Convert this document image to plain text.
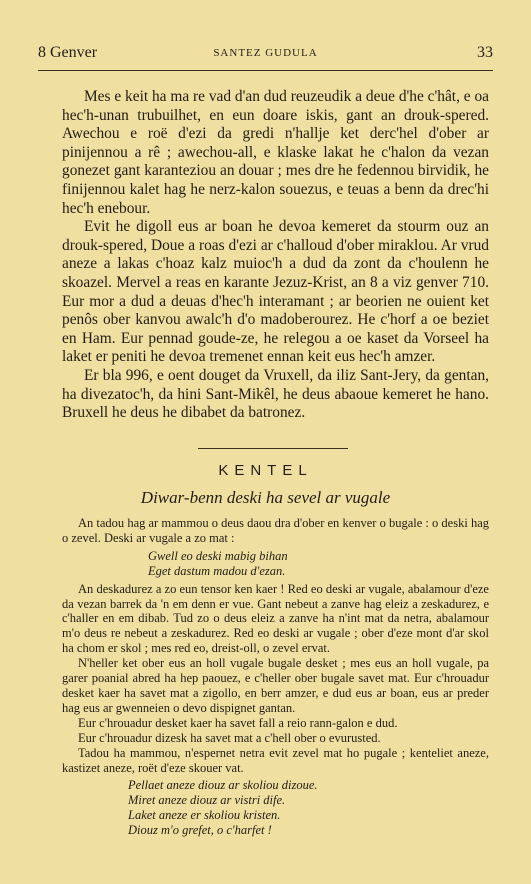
8 Genver	SANTEZ GUDULA	33

Mes e keit ha ma re vad d'an dud reuzeudik a deue d'he c'hât, e oa hec'h-unan trubuilhet, en eun doare iskis, gant an drouk-spered. Awechou e roë d'ezi da gredi n'hallje ket derc'hel d'ober ar pinijennou a rê ; awechou-all, e klaske lakat he c'halon da vezan gonezet gant karanteziou an douar ; mes dre he fedennou birvidik, he finijennou kalet hag he nerz-kalon souezus, e teuas a benn da drec'hi hec'h enebour.

Evit he digoll eus ar boan he devoa kemeret da stourm ouz an drouk-spered, Doue a roas d'ezi ar c'halloud d'ober miraklou. Ar vrud aneze a lakas c'hoaz kalz muioc'h a dud da zont da c'houlenn he skoazel. Mervel a reas en karante Jezuz-Krist, an 8 a viz genver 710. Eur mor a dud a deuas d'hec'h interamant ; ar beorien ne ouient ket penôs ober kanvou awalc'h d'o madoberourez. He c'horf a oe beziet en Ham. Eur pennad goude-ze, he relegou a oe kaset da Vorseel ha laket er peniti he devoa tremenet ennan keit eus hec'h amzer.

Er bla 996, e oent douget da Vruxell, da iliz Sant-Jery, da gentan, ha divezatoc'h, da hini Sant-Mikêl, he deus abaoue kemeret he hano. Bruxell he deus he dibabet da batronez.

KENTEL
Diwar-benn deski ha sevel ar vugale

An tadou hag ar mammou o deus daou dra d'ober en kenver o bugale : o deski hag o zevel. Deski ar vugale a zo mat :

Gwell eo deski mabig bihan
Eget dastum madou d'ezan.

An deskadurez a zo eun tensor ken kaer ! Red eo deski ar vugale, abalamour d'eze da vezan barrek da 'n em denn er vue. Gant nebeut a zanve hag eleiz a zeskadurez, e c'haller en em dibab. Tud zo o deus eleiz a zanve ha n'int mat da netra, abalamour m'o deus re nebeut a zeskadurez. Red eo deski ar vugale ; ober d'eze mont d'ar skol ha chom er skol ; mes red eo, dreist-oll, o zevel ervat.

N'heller ket ober eus an holl vugale bugale desket ; mes eus an holl vugale, pa garer poanial abred ha hep paouez, e c'heller ober bugale savet mat. Eur c'hrouadur desket kaer ha savet mat a zigollo, en berr amzer, e dud eus ar boan, eus ar preder hag eus ar gwenneien o devo dispignet gantan.

Eur c'hrouadur desket kaer ha savet fall a reio rann-galon e dud.
Eur c'hrouadur dizesk ha savet mat a c'hell ober o evurusted.

Tadou ha mammou, n'espernet netra evit zevel mat ho pugale ; kenteliet aneze, kastizet aneze, roët d'eze skouer vat.

Pellaet aneze diouz ar skoliou dizoue.
Miret aneze diouz ar vistri dife.
Laket aneze er skoliou kristen.
Diouz m'o grefet, o c'harfet !
